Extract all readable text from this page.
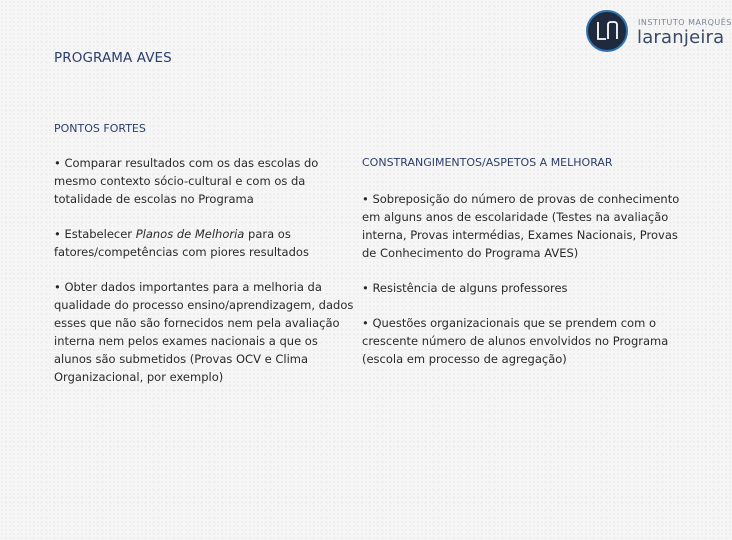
INSTITUTO MARQUÊS
laranjeira
PROGRAMA AVES
PONTOS FORTES

• Comparar resultados com os das escolas do mesmo contexto sócio-cultural e com os da totalidade de escolas no Programa

• Estabelecer Planos de Melhoria para os fatores/competências com piores resultados

• Obter dados importantes para a melhoria da qualidade do processo ensino/aprendizagem, dados esses que não são fornecidos nem pela avaliação interna nem pelos exames nacionais a que os alunos são submetidos (Provas OCV e Clima Organizacional, por exemplo)

CONSTRANGIMENTOS/ASPETOS A MELHORAR

• Sobreposição do número de provas de conhecimento em alguns anos de escolaridade (Testes na avaliação interna, Provas intermédias, Exames Nacionais, Provas de Conhecimento do Programa AVES)

• Resistência de alguns professores

• Questões organizacionais que se prendem com o crescente número de alunos envolvidos no Programa (escola em processo de agregação)
